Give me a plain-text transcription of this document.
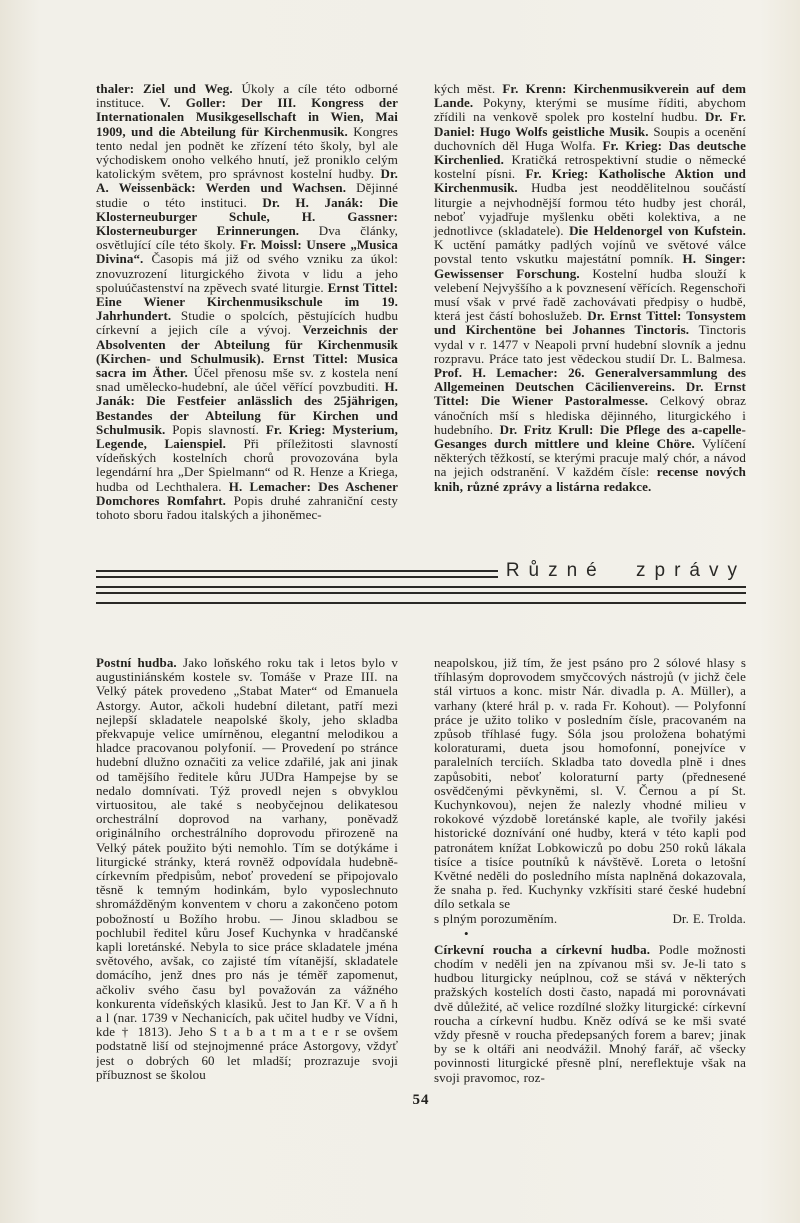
thaler: Ziel und Weg. Úkoly a cíle této odborné instituce. V. Goller: Der III. Kongress der Internationalen Musikgesellschaft in Wien, Mai 1909, und die Abteilung für Kirchenmusik. Kongres tento nedal jen podnět ke zřízení této školy, byl ale východiskem onoho velkého hnutí, jež proniklo celým katolickým světem, pro správnost kostelní hudby. Dr. A. Weissenbäck: Werden und Wachsen. Dějinné studie o této instituci. Dr. H. Janák: Die Klosterneuburger Schule, H. Gassner: Klosterneuburger Erinnerungen. Dva články, osvětlující cíle této školy. Fr. Moissl: Unsere „Musica Divina“. Časopis má již od svého vzniku za úkol: znovuzrození liturgického života v lidu a jeho spoluúčastenství na zpěvech svaté liturgie. Ernst Tittel: Eine Wiener Kirchenmusikschule im 19. Jahrhundert. Studie o spolcích, pěstujících hudbu církevní a jejich cíle a vývoj. Verzeichnis der Absolventen der Abteilung für Kirchenmusik (Kirchen- und Schulmusik). Ernst Tittel: Musica sacra im Äther. Účel přenosu mše sv. z kostela není snad umělecko-hudební, ale účel věřící povzbuditi. H. Janák: Die Festfeier anlässlich des 25jährigen, Bestandes der Abteilung für Kirchen und Schulmusik. Popis slavností. Fr. Krieg: Mysterium, Legende, Laienspiel. Při příležitosti slavností vídeňských kostelních chorů provozována byla legendární hra „Der Spielmann“ od R. Henze a Kriega, hudba od Lechthalera. H. Lemacher: Des Aschener Domchores Romfahrt. Popis druhé zahraniční cesty tohoto sboru řadou italských a jihoněmec-
kých měst. Fr. Krenn: Kirchenmusikverein auf dem Lande. Pokyny, kterými se musíme říditi, abychom zřídili na venkově spolek pro kostelní hudbu. Dr. Fr. Daniel: Hugo Wolfs geistliche Musik. Soupis a ocenění duchovních děl Huga Wolfa. Fr. Krieg: Das deutsche Kirchenlied. Kratičká retrospektivní studie o německé kostelní písni. Fr. Krieg: Katholische Aktion und Kirchenmusik. Hudba jest neoddělitelnou součástí liturgie a nejvhodnější formou této hudby jest chorál, neboť vyjadřuje myšlenku oběti kolektiva, a ne jednotlivce (skladatele). Die Heldenorgel von Kufstein. K uctění památky padlých vojínů ve světové válce povstal tento vskutku majestátní pomník. H. Singer: Gewissenser Forschung. Kostelní hudba slouží k velebení Nejvyššího a k povznesení věřících. Regenschoři musí však v prvé řadě zachovávati předpisy o hudbě, která jest částí bohoslužeb. Dr. Ernst Tittel: Tonsystem und Kirchentöne bei Johannes Tinctoris. Tinctoris vydal v r. 1477 v Neapoli první hudební slovník a jednu rozpravu. Práce tato jest vědeckou studií Dr. L. Balmesa. Prof. H. Lemacher: 26. Generalversammlung des Allgemeinen Deutschen Cäcilienvereins. Dr. Ernst Tittel: Die Wiener Pastoralmesse. Celkový obraz vánočních mší s hlediska dějinného, liturgického i hudebního. Dr. Fritz Krull: Die Pflege des a-capelle-Gesanges durch mittlere und kleine Chöre. Vylíčení některých těžkostí, se kterými pracuje malý chór, a návod na jejich odstranění. V každém čísle: recense nových knih, různé zprávy a listárna redakce.
Různé zprávy
Postní hudba. Jako loňského roku tak i letos bylo v augustiniánském kostele sv. Tomáše v Praze III. na Velký pátek provedeno „Stabat Mater“ od Emanuela Astorgy. Autor, ačkoli hudební diletant, patří mezi nejlepší skladatele neapolské školy, jeho skladba překvapuje velice umírněnou, elegantní melodikou a hladce pracovanou polyfonií. — Provedení po stránce hudební dlužno označiti za velice zdařilé, jak ani jinak od tamějšího ředitele kůru JUDra Hampejse by se nedalo domnívati. Týž provedl nejen s obvyklou virtuositou, ale také s neobyčejnou delikatesou orchestrální doprovod na varhany, poněvadž originálního orchestrálního doprovodu přirozeně na Velký pátek použito býti nemohlo. Tím se dotýkáme i liturgické stránky, která rovněž odpovídala hudebně-církevním předpisům, neboť provedení se připojovalo těsně k temným hodinkám, bylo vyposlechnuto shromážděným konventem v choru a zakončeno potom pobožností u Božího hrobu. — Jinou skladbou se pochlubil ředitel kůru Josef Kuchynka v hradčanské kapli loretánské. Nebyla to sice práce skladatele jména světového, avšak, co zajisté tím vítanější, skladatele domácího, jenž dnes pro nás je téměř zapomenut, ačkoliv svého času byl považován za vážného konkurenta vídeňských klasiků. Jest to Jan Kř. V a ň h a l (nar. 1739 v Nechanicích, pak učitel hudby ve Vídni, kde † 1813). Jeho S t a b a t m a t e r se ovšem podstatně liší od stejnojmenné práce Astorgovy, vždyť jest o dobrých 60 let mladší; prozrazuje svoji příbuznost se školou
neapolskou, již tím, že jest psáno pro 2 sólové hlasy s tříhlasým doprovodem smyčcových nástrojů (v jichž čele stál virtuos a konc. mistr Nár. divadla p. A. Müller), a varhany (které hrál p. v. rada Fr. Kohout). — Polyfonní práce je užito toliko v posledním čísle, pracovaném na způsob tříhlasé fugy. Sóla jsou proložena bohatými koloraturami, dueta jsou homofonní, ponejvíce v paralelních terciích. Skladba tato dovedla plně i dnes zapůsobiti, neboť koloraturní party (přednesené osvědčenými pěvkyněmi, sl. V. Černou a pí St. Kuchynkovou), nejen že nalezly vhodné milieu v rokokové výzdobě loretánské kaple, ale tvořily jakési historické doznívání oné hudby, která v této kapli pod patronátem knížat Lobkowiczů po dobu 250 roků lákala tisíce a tisíce poutníků k návštěvě. Loreta o letošní Květné neděli do posledního místa naplněná dokazovala, že snaha p. řed. Kuchynky vzkřísiti staré české hudební dílo setkala se
s plným porozuměním.	Dr. E. Trolda.
•
Církevní roucha a církevní hudba. Podle možnosti chodím v neděli jen na zpívanou mši sv. Je-li tato s hudbou liturgicky neúplnou, což se stává v některých pražských kostelích dosti často, napadá mi porovnávati dvě důležité, ač velice rozdílné složky liturgické: církevní roucha a církevní hudbu. Kněz odívá se ke mši svaté vždy přesně v roucha předepsaných forem a barev; jinak by se k oltáři ani neodvážil. Mnohý farář, ač všecky povinnosti liturgické přesně plní, nereflektuje však na svoji pravomoc, roz-
54
